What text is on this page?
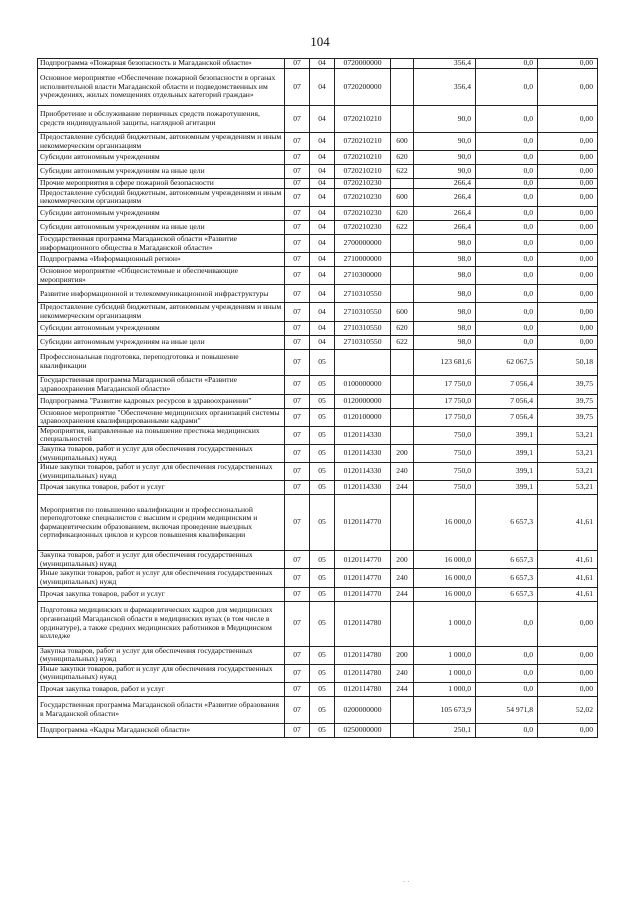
104
Подпрограмма «Пожарная безопасность в Магаданской области»	07	04	0720000000		356,4	0,0	0,00
Основное мероприятие «Обеспечение пожарной безопасности в органах исполнительной власти Магаданской области и подведомственных им учреждениях, жилых помещениях отдельных категорий граждан»	07	04	0720200000		356,4	0,0	0,00
Приобретение и обслуживание первичных средств пожаротушения, средств индивидуальной защиты, наглядной агитации	07	04	0720210210		90,0	0,0	0,00
Предоставление субсидий бюджетным, автономным учреждениям и иным некоммерческим организациям	07	04	0720210210	600	90,0	0,0	0,00
Субсидии автономным учреждениям	07	04	0720210210	620	90,0	0,0	0,00
Субсидии автономным учреждениям на иные цели	07	04	0720210210	622	90,0	0,0	0,00
Прочие мероприятия в сфере пожарной безопасности	07	04	0720210230		266,4	0,0	0,00
Предоставление субсидий бюджетным, автономным учреждениям и иным некоммерческим организациям	07	04	0720210230	600	266,4	0,0	0,00
Субсидии автономным учреждениям	07	04	0720210230	620	266,4	0,0	0,00
Субсидии автономным учреждениям на иные цели	07	04	0720210230	622	266,4	0,0	0,00
Государственная программа Магаданской области «Развитие информационного общества в Магаданской области»	07	04	2700000000		98,0	0,0	0,00
Подпрограмма «Информационный регион»	07	04	2710000000		98,0	0,0	0,00
Основное мероприятие «Общесистемные и обеспечивающие мероприятия»	07	04	2710300000		98,0	0,0	0,00
Развитие информационной и телекоммуникационной инфраструктуры	07	04	2710310550		98,0	0,0	0,00
Предоставление субсидий бюджетным, автономным учреждениям и иным некоммерческим организациям	07	04	2710310550	600	98,0	0,0	0,00
Субсидии автономным учреждениям	07	04	2710310550	620	98,0	0,0	0,00
Субсидии автономным учреждениям на иные цели	07	04	2710310550	622	98,0	0,0	0,00
Профессиональная подготовка, переподготовка и повышение квалификации	07	05			123 681,6	62 067,5	50,18
Государственная программа Магаданской области «Развитие здравоохранения Магаданской области»	07	05	0100000000		17 750,0	7 056,4	39,75
Подпрограмма "Развитие кадровых ресурсов в здравоохранении"	07	05	0120000000		17 750,0	7 056,4	39,75
Основное мероприятие "Обеспечение медицинских организаций системы здравоохранения квалифицированными кадрами"	07	05	0120100000		17 750,0	7 056,4	39,75
Мероприятия, направленные на повышение престижа медицинских специальностей	07	05	0120114330		750,0	399,1	53,21
Закупка товаров, работ и услуг для обеспечения государственных (муниципальных) нужд	07	05	0120114330	200	750,0	399,1	53,21
Иные закупки товаров, работ и услуг для обеспечения государственных (муниципальных) нужд	07	05	0120114330	240	750,0	399,1	53,21
Прочая закупка товаров, работ и услуг	07	05	0120114330	244	750,0	399,1	53,21
Мероприятия по повышению квалификации и профессиональной переподготовке специалистов с высшим и средним медицинским и фармацевтическим образованием, включая проведение выездных сертификационных циклов и курсов повышения квалификации	07	05	0120114770		16 000,0	6 657,3	41,61
Закупка товаров, работ и услуг для обеспечения государственных (муниципальных) нужд	07	05	0120114770	200	16 000,0	6 657,3	41,61
Иные закупки товаров, работ и услуг для обеспечения государственных (муниципальных) нужд	07	05	0120114770	240	16 000,0	6 657,3	41,61
Прочая закупка товаров, работ и услуг	07	05	0120114770	244	16 000,0	6 657,3	41,61
Подготовка медицинских и фармацевтических кадров для медицинских организаций Магаданской области в медицинских вузах (в том числе в ординатуре), а также средних медицинских работников в Медицинском колледже	07	05	0120114780		1 000,0	0,0	0,00
Закупка товаров, работ и услуг для обеспечения государственных (муниципальных) нужд	07	05	0120114780	200	1 000,0	0,0	0,00
Иные закупки товаров, работ и услуг для обеспечения государственных (муниципальных) нужд	07	05	0120114780	240	1 000,0	0,0	0,00
Прочая закупка товаров, работ и услуг	07	05	0120114780	244	1 000,0	0,0	0,00
Государственная программа Магаданской области «Развитие образования в Магаданской области»	07	05	0200000000		105 673,9	54 971,8	52,02
Подпрограмма «Кадры Магаданской области»	07	05	0250000000		250,1	0,0	0,00
· ·
